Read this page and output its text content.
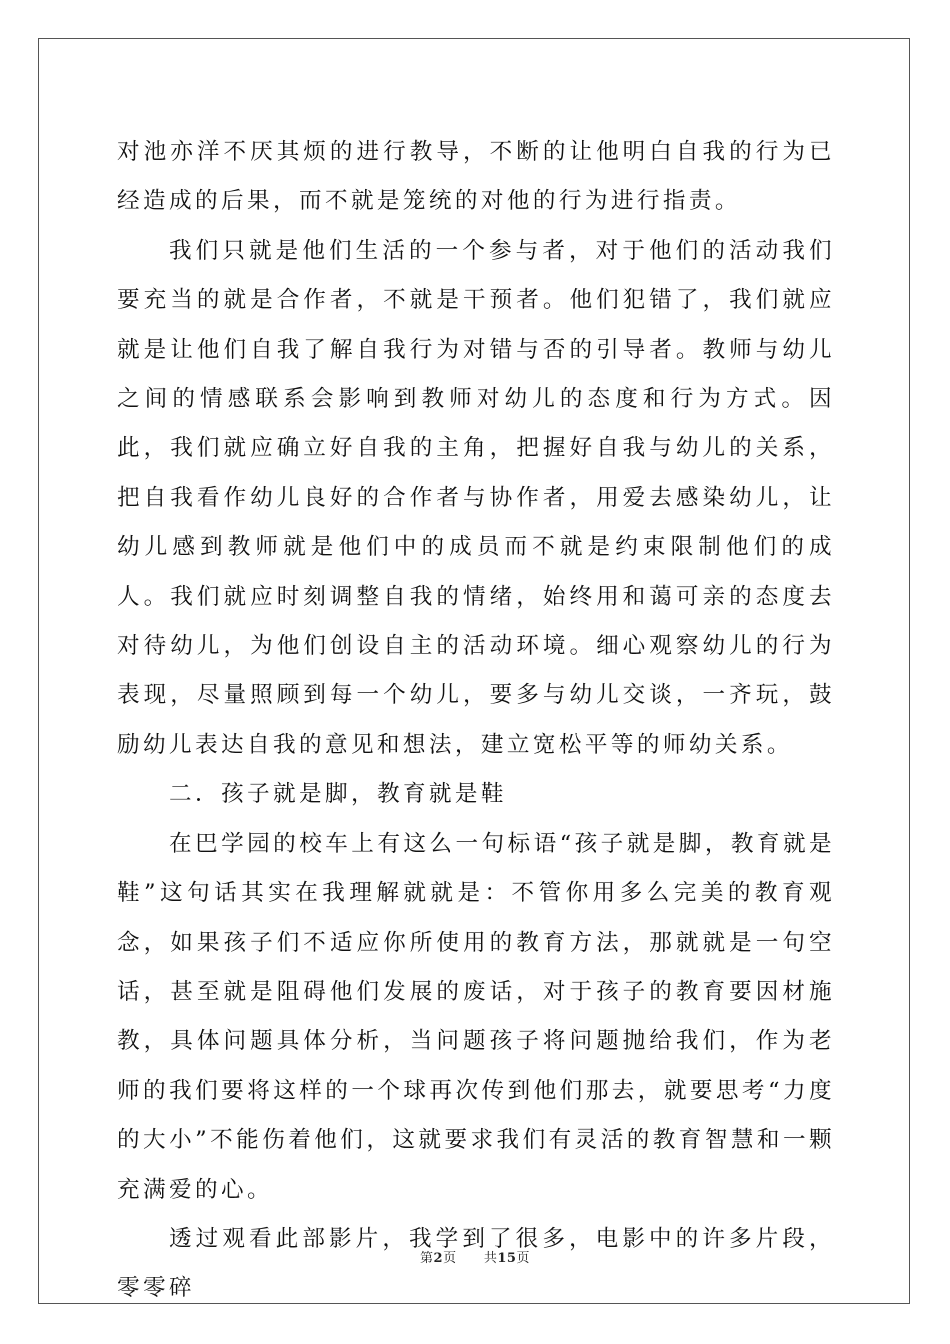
对池亦洋不厌其烦的进行教导，不断的让他明白自我的行为已经造成的后果，而不就是笼统的对他的行为进行指责。

我们只就是他们生活的一个参与者，对于他们的活动我们要充当的就是合作者，不就是干预者。他们犯错了，我们就应就是让他们自我了解自我行为对错与否的引导者。教师与幼儿之间的情感联系会影响到教师对幼儿的态度和行为方式。因此，我们就应确立好自我的主角，把握好自我与幼儿的关系，把自我看作幼儿良好的合作者与协作者，用爱去感染幼儿，让幼儿感到教师就是他们中的成员而不就是约束限制他们的成人。我们就应时刻调整自我的情绪，始终用和蔼可亲的态度去对待幼儿，为他们创设自主的活动环境。细心观察幼儿的行为表现，尽量照顾到每一个幼儿，要多与幼儿交谈，一齐玩，鼓励幼儿表达自我的意见和想法，建立宽松平等的师幼关系。

二．孩子就是脚，教育就是鞋

在巴学园的校车上有这么一句标语“孩子就是脚，教育就是鞋”这句话其实在我理解就就是：不管你用多么完美的教育观念，如果孩子们不适应你所使用的教育方法，那就就是一句空话，甚至就是阻碍他们发展的废话，对于孩子的教育要因材施教，具体问题具体分析，当问题孩子将问题抛给我们，作为老师的我们要将这样的一个球再次传到他们那去，就要思考“力度的大小”不能伤着他们，这就要求我们有灵活的教育智慧和一颗充满爱的心。

透过观看此部影片，我学到了很多，电影中的许多片段，零零碎

第2页 共15页
